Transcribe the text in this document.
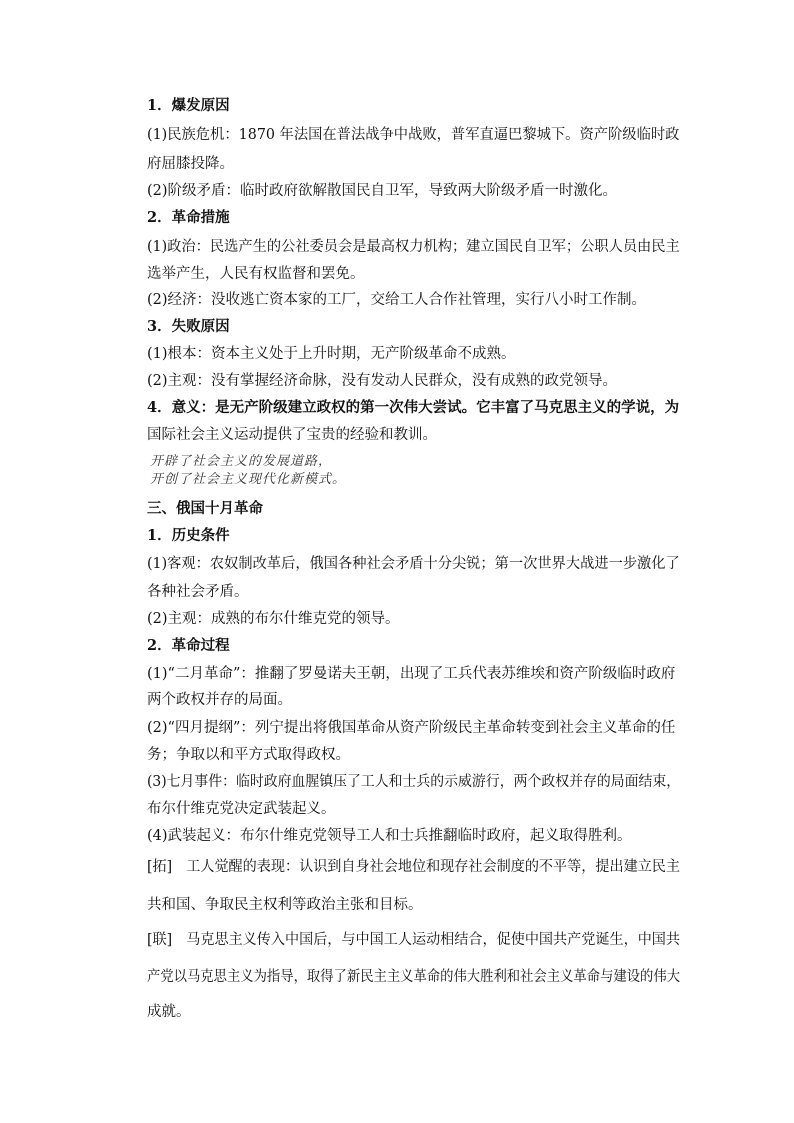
1．爆发原因
(1)民族危机：1870 年法国在普法战争中战败，普军直逼巴黎城下。资产阶级临时政
府屈膝投降。
(2)阶级矛盾：临时政府欲解散国民自卫军，导致两大阶级矛盾一时激化。
2．革命措施
(1)政治：民选产生的公社委员会是最高权力机构；建立国民自卫军；公职人员由民主
选举产生，人民有权监督和罢免。
(2)经济：没收逃亡资本家的工厂，交给工人合作社管理，实行八小时工作制。
3．失败原因
(1)根本：资本主义处于上升时期，无产阶级革命不成熟。
(2)主观：没有掌握经济命脉，没有发动人民群众，没有成熟的政党领导。
4．意义：是无产阶级建立政权的第一次伟大尝试。它丰富了马克思主义的学说，为
国际社会主义运动提供了宝贵的经验和教训。
开辟了社会主义的发展道路，
开创了社会主义现代化新模式。
三、俄国十月革命
1．历史条件
(1)客观：农奴制改革后，俄国各种社会矛盾十分尖锐；第一次世界大战进一步激化了
各种社会矛盾。
(2)主观：成熟的布尔什维克党的领导。
2．革命过程
(1)“二月革命”：推翻了罗曼诺夫王朝，出现了工兵代表苏维埃和资产阶级临时政府
两个政权并存的局面。
(2)“四月提纲”：列宁提出将俄国革命从资产阶级民主革命转变到社会主义革命的任
务；争取以和平方式取得政权。
(3)七月事件：临时政府血腥镇压了工人和士兵的示威游行，两个政权并存的局面结束，
布尔什维克党决定武装起义。
(4)武装起义：布尔什维克党领导工人和士兵推翻临时政府，起义取得胜利。
[拓]　工人觉醒的表现：认识到自身社会地位和现存社会制度的不平等，提出建立民主
共和国、争取民主权利等政治主张和目标。
[联]　马克思主义传入中国后，与中国工人运动相结合，促使中国共产党诞生，中国共
产党以马克思主义为指导，取得了新民主主义革命的伟大胜利和社会主义革命与建设的伟大
成就。
